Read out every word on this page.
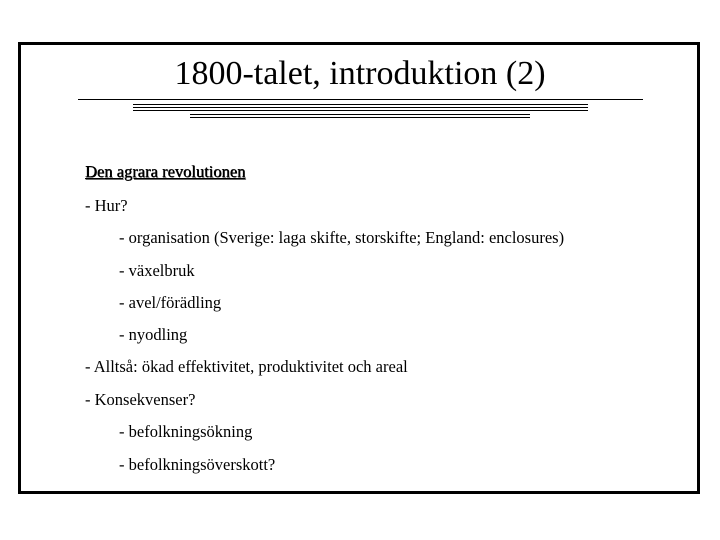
1800-talet, introduktion (2)
Den agrara revolutionen
- Hur?
- organisation (Sverige: laga skifte, storskifte; England: enclosures)
- växelbruk
- avel/förädling
- nyodling
- Alltså: ökad effektivitet, produktivitet och areal
- Konsekvenser?
- befolkningsökning
- befolkningsöverskott?
